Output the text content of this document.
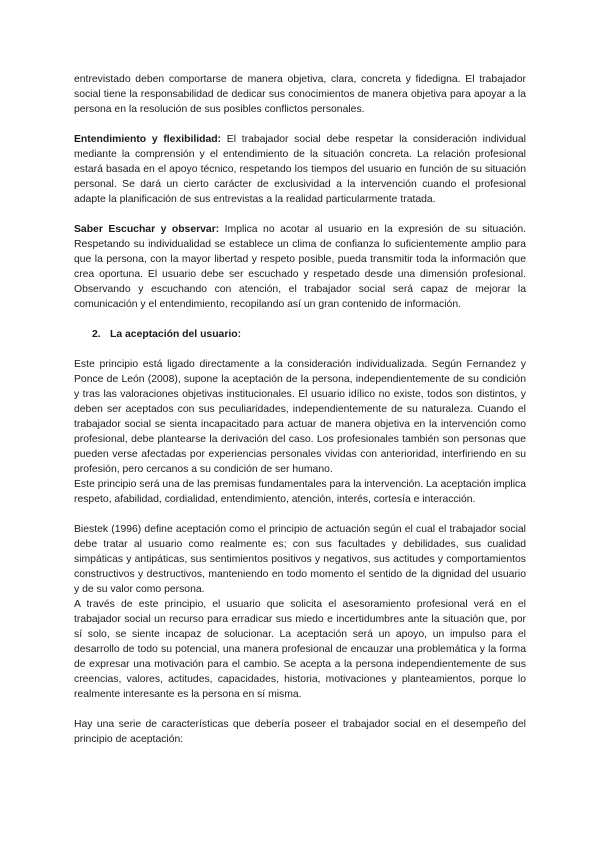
entrevistado deben comportarse de manera objetiva, clara, concreta y fidedigna. El trabajador social tiene la responsabilidad de dedicar sus conocimientos de manera objetiva para apoyar a la persona en la resolución de sus posibles conflictos personales.

Entendimiento y flexibilidad: El trabajador social debe respetar la consideración individual mediante la comprensión y el entendimiento de la situación concreta. La relación profesional estará basada en el apoyo técnico, respetando los tiempos del usuario en función de su situación personal. Se dará un cierto carácter de exclusividad a la intervención cuando el profesional adapte la planificación de sus entrevistas a la realidad particularmente tratada.

Saber Escuchar y observar: Implica no acotar al usuario en la expresión de su situación. Respetando su individualidad se establece un clima de confianza lo suficientemente amplio para que la persona, con la mayor libertad y respeto posible, pueda transmitir toda la información que crea oportuna. El usuario debe ser escuchado y respetado desde una dimensión profesional. Observando y escuchando con atención, el trabajador social será capaz de mejorar la comunicación y el entendimiento, recopilando así un gran contenido de información.

2. La aceptación del usuario:

Este principio está ligado directamente a la consideración individualizada. Según Fernandez y Ponce de León (2008), supone la aceptación de la persona, independientemente de su condición y tras las valoraciones objetivas institucionales. El usuario idílico no existe, todos son distintos, y deben ser aceptados con sus peculiaridades, independientemente de su naturaleza. Cuando el trabajador social se sienta incapacitado para actuar de manera objetiva en la intervención como profesional, debe plantearse la derivación del caso. Los profesionales también son personas que pueden verse afectadas por experiencias personales vividas con anterioridad, interfiriendo en su profesión, pero cercanos a su condición de ser humano.

Este principio será una de las premisas fundamentales para la intervención. La aceptación implica respeto, afabilidad, cordialidad, entendimiento, atención, interés, cortesía e interacción.

Biestek (1996) define aceptación como el principio de actuación según el cual el trabajador social debe tratar al usuario como realmente es; con sus facultades y debilidades, sus cualidad simpáticas y antipáticas, sus sentimientos positivos y negativos, sus actitudes y comportamientos constructivos y destructivos, manteniendo en todo momento el sentido de la dignidad del usuario y de su valor como persona.

A través de este principio, el usuario que solicita el asesoramiento profesional verá en el trabajador social un recurso para erradicar sus miedo e incertidumbres ante la situación que, por sí solo, se siente incapaz de solucionar. La aceptación será un apoyo, un impulso para el desarrollo de todo su potencial, una manera profesional de encauzar una problemática y la forma de expresar una motivación para el cambio. Se acepta a la persona independientemente de sus creencias, valores, actitudes, capacidades, historia, motivaciones y planteamientos, porque lo realmente interesante es la persona en sí misma.

Hay una serie de características que debería poseer el trabajador social en el desempeño del principio de aceptación:
